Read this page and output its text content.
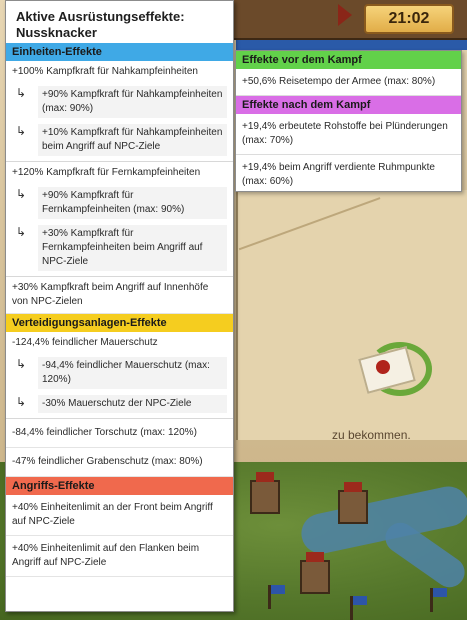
21:02
zu bekommen.
Aktive Ausrüstungseffekte: Nussknacker
Einheiten-Effekte
+100% Kampfkraft für Nahkampfeinheiten
↳	+90% Kampfkraft für Nahkampfeinheiten (max: 90%)
↳	+10% Kampfkraft für Nahkampfeinheiten beim Angriff auf NPC-Ziele
+120% Kampfkraft für Fernkampfeinheiten
↳	+90% Kampfkraft für Fernkampfeinheiten (max: 90%)
↳	+30% Kampfkraft für Fernkampfeinheiten beim Angriff auf NPC-Ziele
+30% Kampfkraft beim Angriff auf Innenhöfe von NPC-Zielen
Verteidigungsanlagen-Effekte
-124,4% feindlicher Mauerschutz
↳	-94,4% feindlicher Mauerschutz (max: 120%)
↳	-30% Mauerschutz der NPC-Ziele
-84,4% feindlicher Torschutz (max: 120%)
-47% feindlicher Grabenschutz (max: 80%)
Angriffs-Effekte
+40% Einheitenlimit an der Front beim Angriff auf NPC-Ziele
+40% Einheitenlimit auf den Flanken beim Angriff auf NPC-Ziele
Effekte vor dem Kampf
+50,6% Reisetempo der Armee (max: 80%)
Effekte nach dem Kampf
+19,4% erbeutete Rohstoffe bei Plünderungen (max: 70%)
+19,4% beim Angriff verdiente Ruhmpunkte (max: 60%)
